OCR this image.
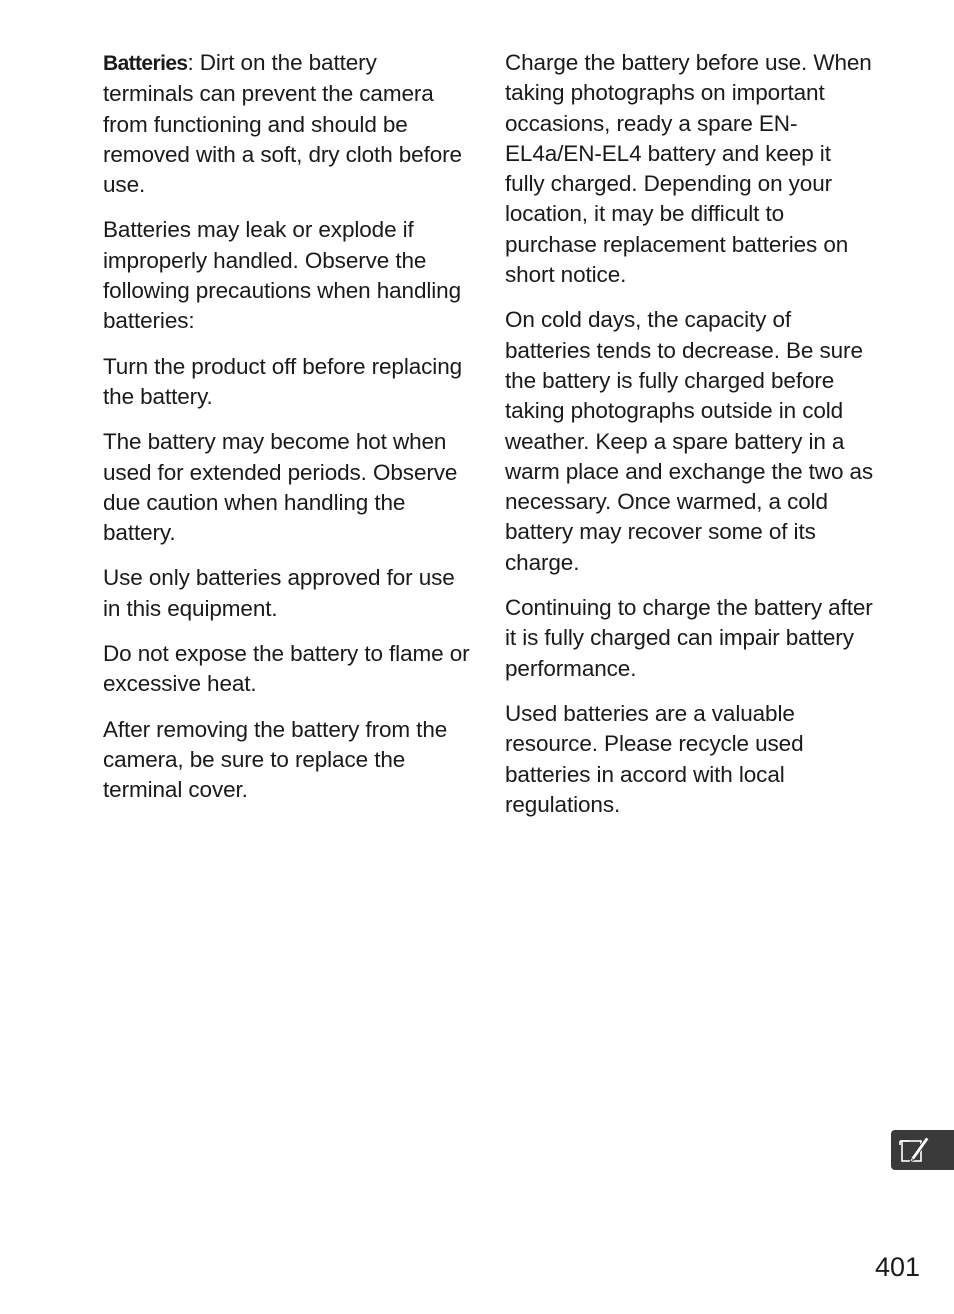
Batteries: Dirt on the battery terminals can prevent the camera from functioning and should be removed with a soft, dry cloth before use.

Batteries may leak or explode if improperly handled. Observe the following precautions when handling batteries:

Turn the product off before replacing the battery.

The battery may become hot when used for extended periods. Observe due caution when handling the battery.

Use only batteries approved for use in this equipment.

Do not expose the battery to flame or excessive heat.

After removing the battery from the camera, be sure to replace the terminal cover.

Charge the battery before use. When taking photographs on important occasions, ready a spare EN-EL4a/EN-EL4 battery and keep it fully charged. Depending on your location, it may be difficult to purchase replacement batteries on short notice.

On cold days, the capacity of batteries tends to decrease. Be sure the battery is fully charged before taking photographs outside in cold weather. Keep a spare battery in a warm place and exchange the two as necessary. Once warmed, a cold battery may recover some of its charge.

Continuing to charge the battery after it is fully charged can impair battery performance.

Used batteries are a valuable resource. Please recycle used batteries in accord with local regulations.

401
